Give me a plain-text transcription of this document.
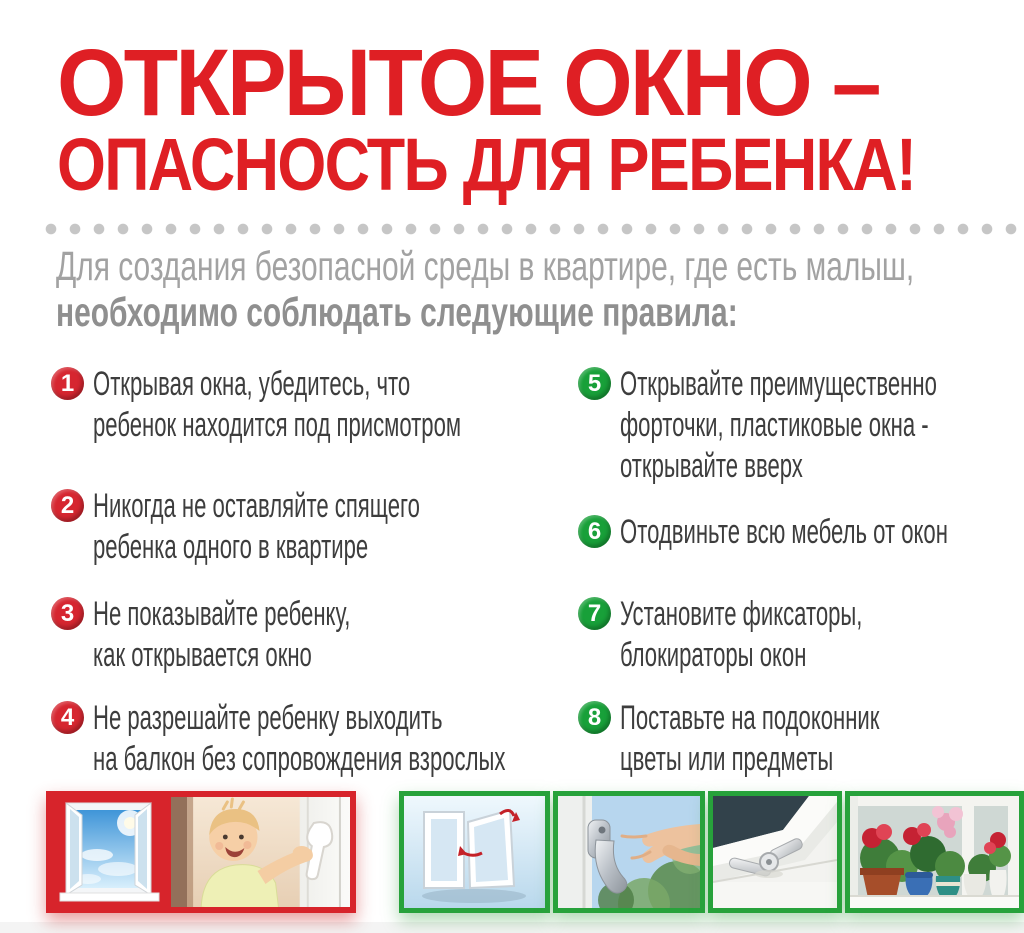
ОТКРЫТОЕ ОКНО –
ОПАСНОСТЬ ДЛЯ РЕБЕНКА!
Для создания безопасной среды в квартире, где есть малыш,
необходимо соблюдать следующие правила:
1 Открывая окна, убедитесь, что
ребенок находится под присмотром
2 Никогда не оставляйте спящего
ребенка одного в квартире
3 Не показывайте ребенку,
как открывается окно
4 Не разрешайте ребенку выходить
на балкон без сопровождения взрослых
5 Открывайте преимущественно
форточки, пластиковые окна -
открывайте вверх
6 Отодвиньте всю мебель от окон
7 Установите фиксаторы,
блокираторы окон
8 Поставьте на подоконник
цветы или предметы
